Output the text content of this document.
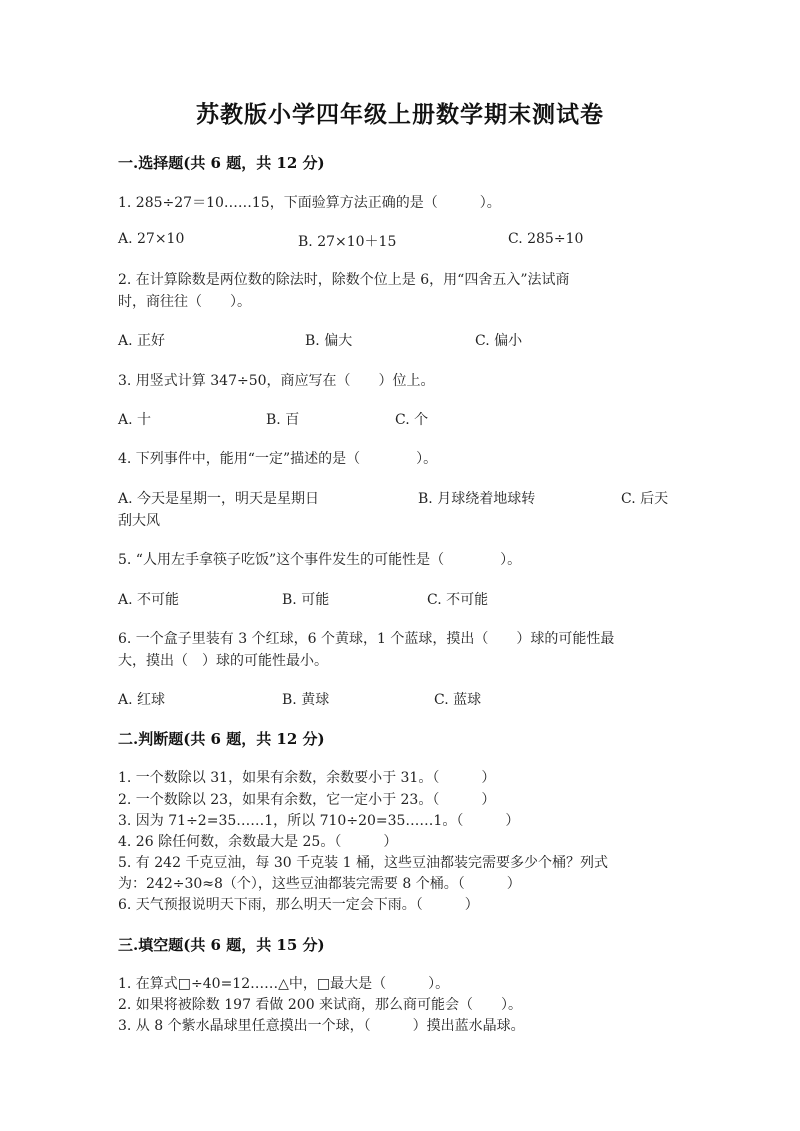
苏教版小学四年级上册数学期末测试卷
一.选择题(共 6 题，共 12 分)
1. 285÷27＝10……15，下面验算方法正确的是（　　　）。
A. 27×10	B. 27×10＋15	C. 285÷10
2. 在计算除数是两位数的除法时，除数个位上是 6，用“四舍五入”法试商
时，商往往（　　）。
A. 正好	B. 偏大	C. 偏小
3. 用竖式计算 347÷50，商应写在（　　）位上。
A. 十	B. 百	C. 个
4. 下列事件中，能用“一定”描述的是（　　　　）。
A. 今天是星期一，明天是星期日	B. 月球绕着地球转	C. 后天
刮大风
5. “人用左手拿筷子吃饭”这个事件发生的可能性是（　　　　）。
A. 不可能	B. 可能	C. 不可能
6. 一个盒子里装有 3 个红球，6 个黄球，1 个蓝球，摸出（　　）球的可能性最
大，摸出（　）球的可能性最小。
A. 红球	B. 黄球	C. 蓝球
二.判断题(共 6 题，共 12 分)
1. 一个数除以 31，如果有余数，余数要小于 31。（　　　）
2. 一个数除以 23，如果有余数，它一定小于 23。（　　　）
3. 因为 71÷2=35……1，所以 710÷20=35……1。（　　　）
4. 26 除任何数，余数最大是 25。（　　　）
5. 有 242 千克豆油，每 30 千克装 1 桶，这些豆油都装完需要多少个桶？列式
为：242÷30≈8（个），这些豆油都装完需要 8 个桶。（　　　）
6. 天气预报说明天下雨，那么明天一定会下雨。（　　　）
三.填空题(共 6 题，共 15 分)
1. 在算式□÷40=12……△中，□最大是（　　　）。
2. 如果将被除数 197 看做 200 来试商，那么商可能会（　　）。
3. 从 8 个紫水晶球里任意摸出一个球，（　　　）摸出蓝水晶球。
